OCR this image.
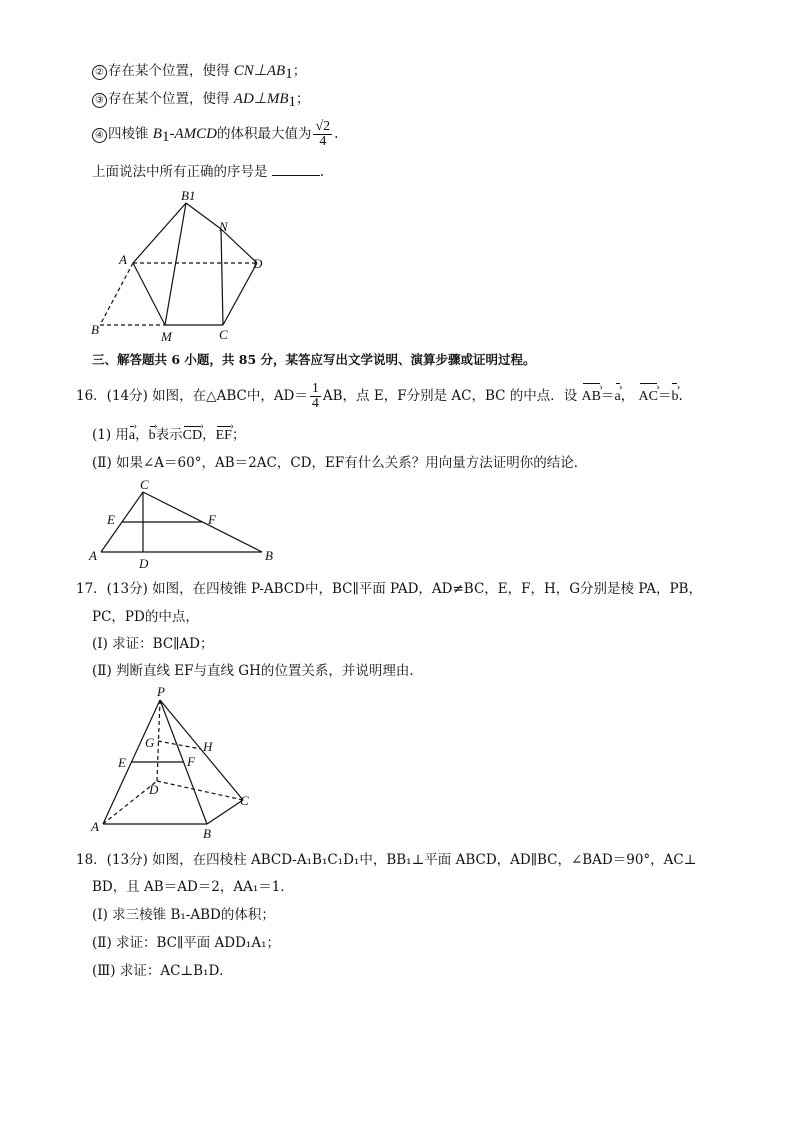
② 存在某个位置，使得 $CN\perp AB_1$；
③ 存在某个位置，使得 $AD\perp MB_1$；
④ 四棱锥 $B_1$-AMCD的体积最大值为 $\frac{√2}{4}$ .
上面说法中所有正确的序号是	.
B1
N
A	D
B	M	C
三、解答题共 6 小题，共 85 分，某答应写出文学说明、演算步骤或证明过程。
16．(14分) 如图，在△ABC中，$AD= \frac{1}{4}$ AB，点 E，F分别是 AC，BC 的中点．设 AB ›＝a ›， AC ›＝b ›.
(1) 用a ›，b ›表示CD ›，EF ›；
(Ⅱ) 如果∠A＝60°，AB＝2AC，CD，EF有什么关系？用向量方法证明你的结论．
C
E	F
A
D
B
17．(13分) 如图，在四棱锥 P-ABCD中，BC∥平面 PAD，AD≠BC，E，F，H，G分别是棱 PA，PB，
PC，PD的中点，
(Ⅰ) 求证：BC∥AD；
(Ⅱ) 判断直线 EF与直线 GH的位置关系，并说明理由．
P
G	H
E	F
D
C
A	B
18．(13分) 如图，在四棱柱 ABCD-A₁B₁C₁D₁中，BB₁⊥平面 ABCD，AD∥BC，∠BAD＝90°，AC⊥
BD，且 AB＝AD＝2，AA₁＝1．
(Ⅰ) 求三棱锥 B₁-ABD的体积；
(Ⅱ) 求证：BC∥平面 ADD₁A₁；
(Ⅲ) 求证：AC⊥B₁D．
